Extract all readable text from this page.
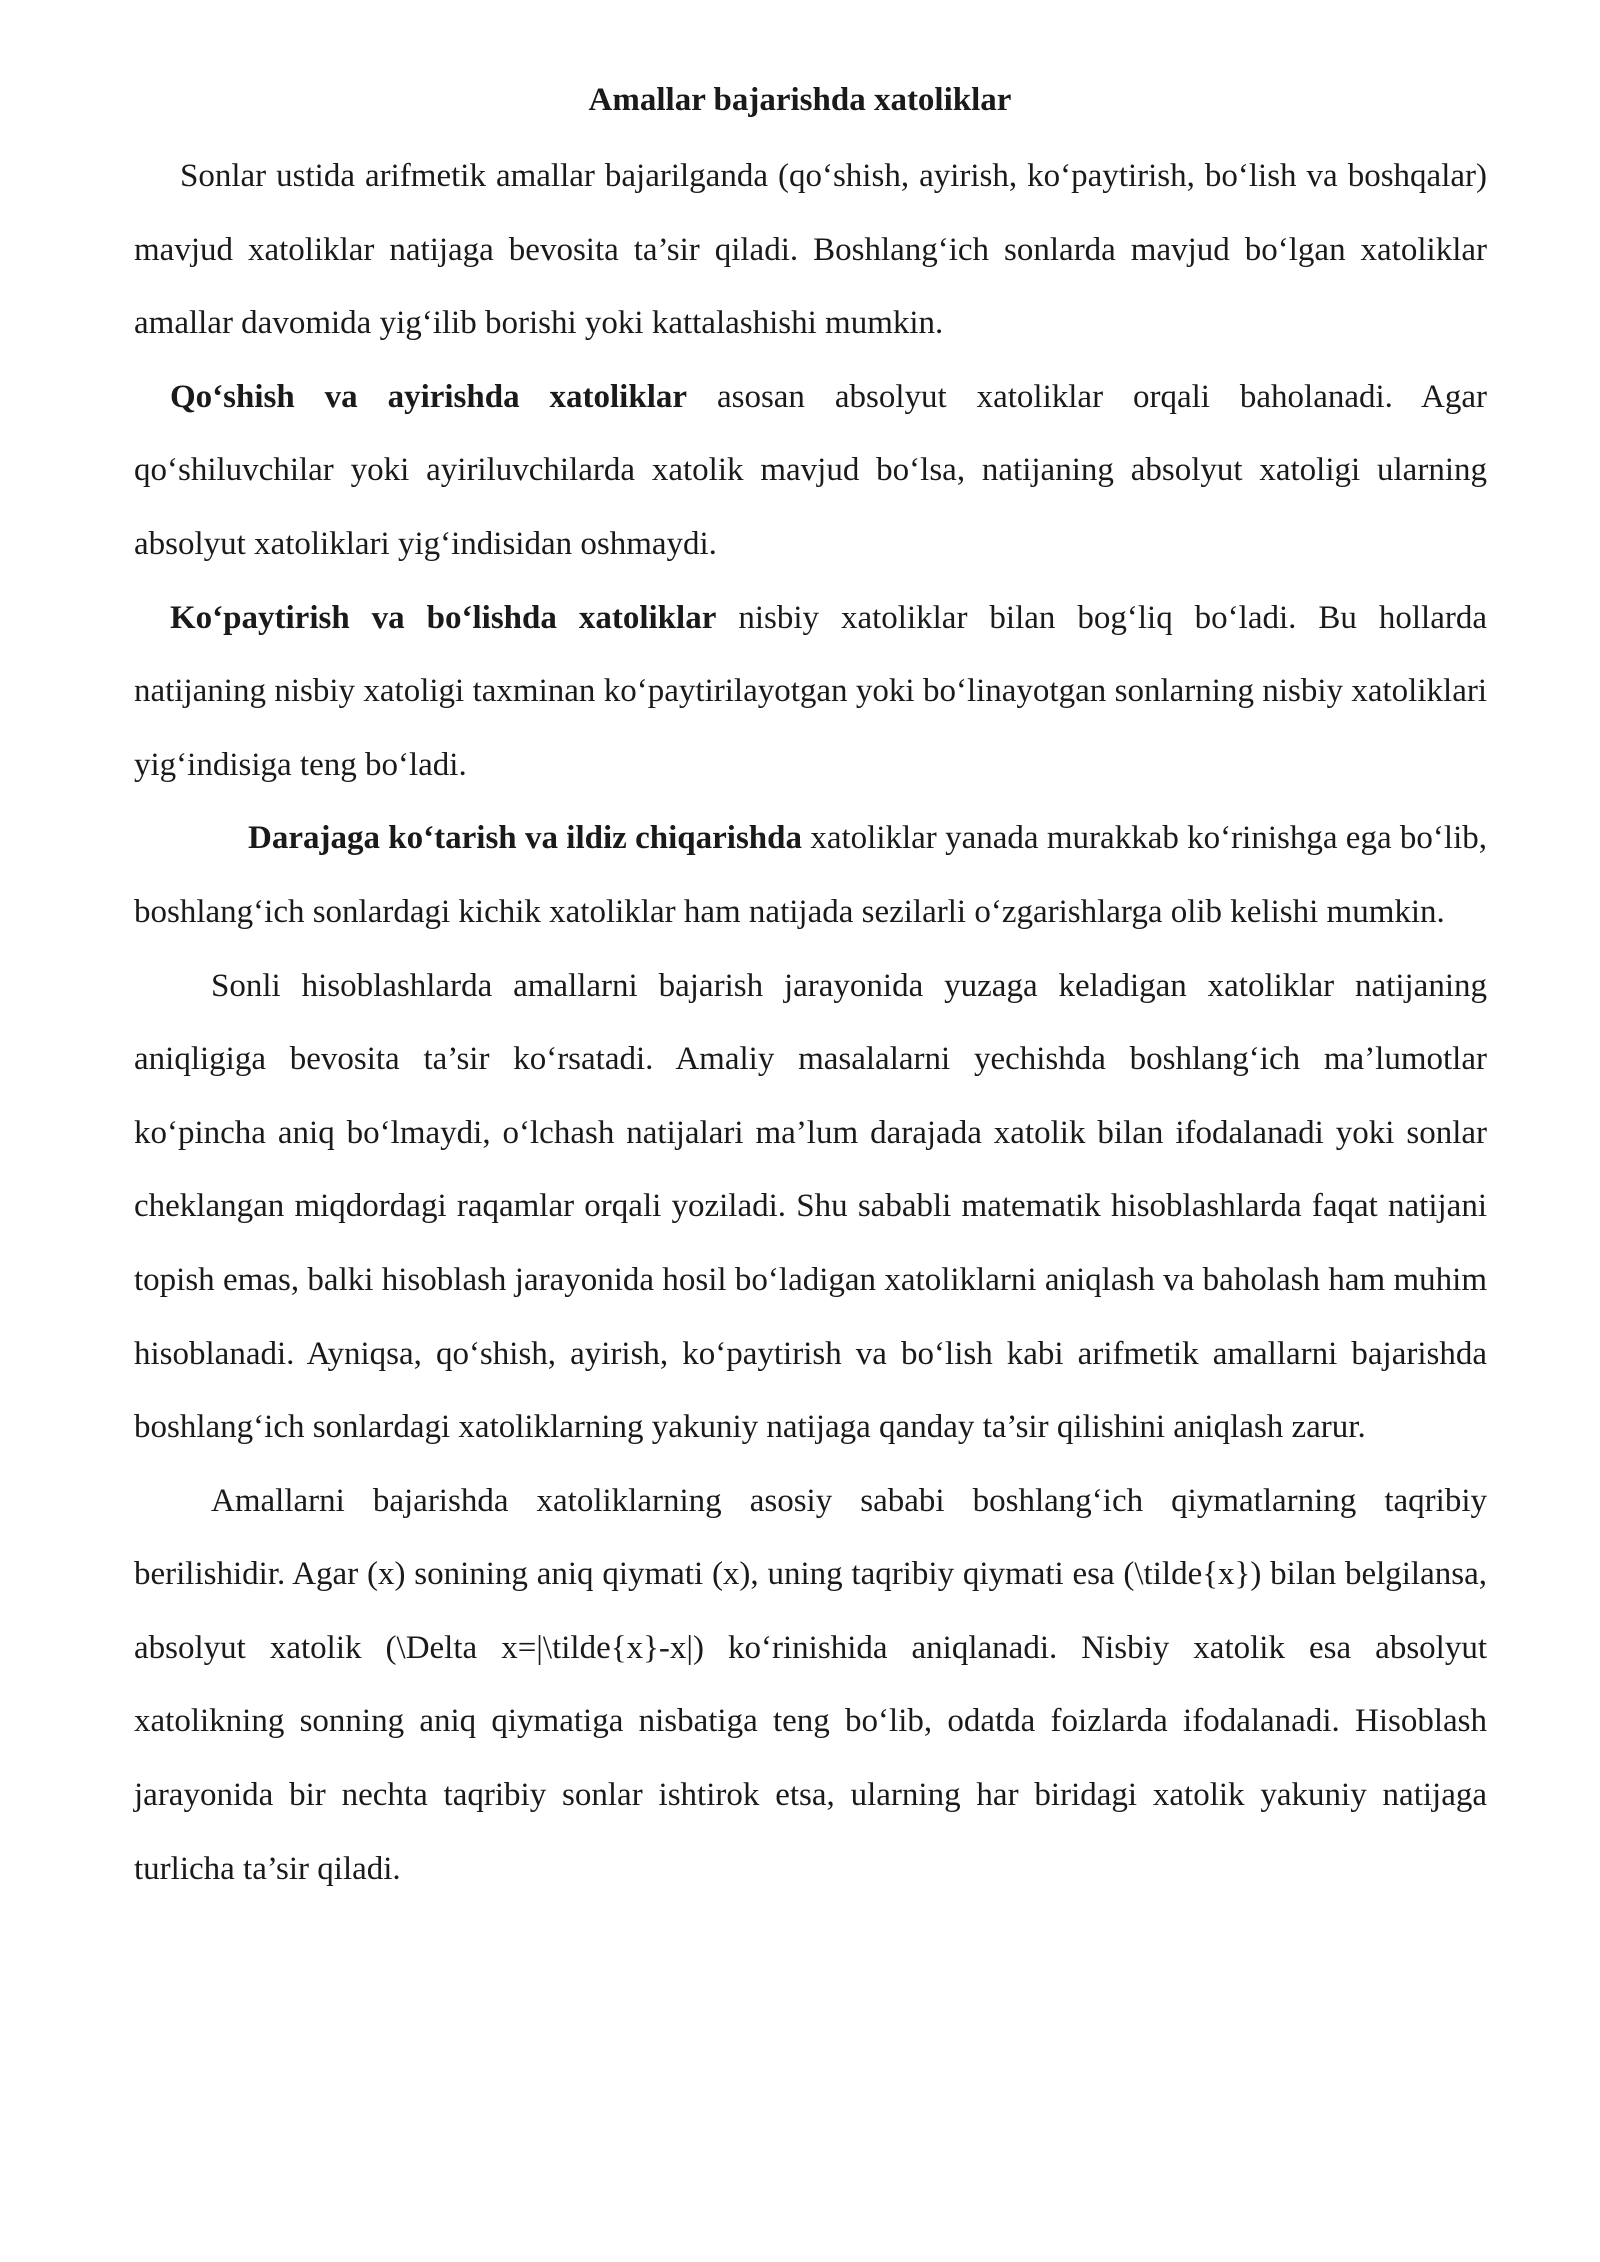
Amallar bajarishda xatoliklar

Sonlar ustida arifmetik amallar bajarilganda (qo‘shish, ayirish, ko‘paytirish, bo‘lish va boshqalar) mavjud xatoliklar natijaga bevosita ta’sir qiladi. Boshlang‘ich sonlarda mavjud bo‘lgan xatoliklar amallar davomida yig‘ilib borishi yoki kattalashishi mumkin.

Qo‘shish va ayirishda xatoliklar asosan absolyut xatoliklar orqali baholanadi. Agar qo‘shiluvchilar yoki ayiriluvchilarda xatolik mavjud bo‘lsa, natijaning absolyut xatoligi ularning absolyut xatoliklari yig‘indisidan oshmaydi.

Ko‘paytirish va bo‘lishda xatoliklar nisbiy xatoliklar bilan bog‘liq bo‘ladi. Bu hollarda natijaning nisbiy xatoligi taxminan ko‘paytirilayotgan yoki bo‘linayotgan sonlarning nisbiy xatoliklari yig‘indisiga teng bo‘ladi.

Darajaga ko‘tarish va ildiz chiqarishda xatoliklar yanada murakkab ko‘rinishga ega bo‘lib, boshlang‘ich sonlardagi kichik xatoliklar ham natijada sezilarli o‘zgarishlarga olib kelishi mumkin.

Sonli hisoblashlarda amallarni bajarish jarayonida yuzaga keladigan xatoliklar natijaning aniqligiga bevosita ta’sir ko‘rsatadi. Amaliy masalalarni yechishda boshlang‘ich ma’lumotlar ko‘pincha aniq bo‘lmaydi, o‘lchash natijalari ma’lum darajada xatolik bilan ifodalanadi yoki sonlar cheklangan miqdordagi raqamlar orqali yoziladi. Shu sababli matematik hisoblashlarda faqat natijani topish emas, balki hisoblash jarayonida hosil bo‘ladigan xatoliklarni aniqlash va baholash ham muhim hisoblanadi. Ayniqsa, qo‘shish, ayirish, ko‘paytirish va bo‘lish kabi arifmetik amallarni bajarishda boshlang‘ich sonlardagi xatoliklarning yakuniy natijaga qanday ta’sir qilishini aniqlash zarur.

Amallarni bajarishda xatoliklarning asosiy sababi boshlang‘ich qiymatlarning taqribiy berilishidir. Agar (x) sonining aniq qiymati (x), uning taqribiy qiymati esa (\tilde{x}) bilan belgilansa, absolyut xatolik (\Delta x=|\tilde{x}-x|) ko‘rinishida aniqlanadi. Nisbiy xatolik esa absolyut xatolikning sonning aniq qiymatiga nisbatiga teng bo‘lib, odatda foizlarda ifodalanadi. Hisoblash jarayonida bir nechta taqribiy sonlar ishtirok etsa, ularning har biridagi xatolik yakuniy natijaga turlicha ta’sir qiladi.
